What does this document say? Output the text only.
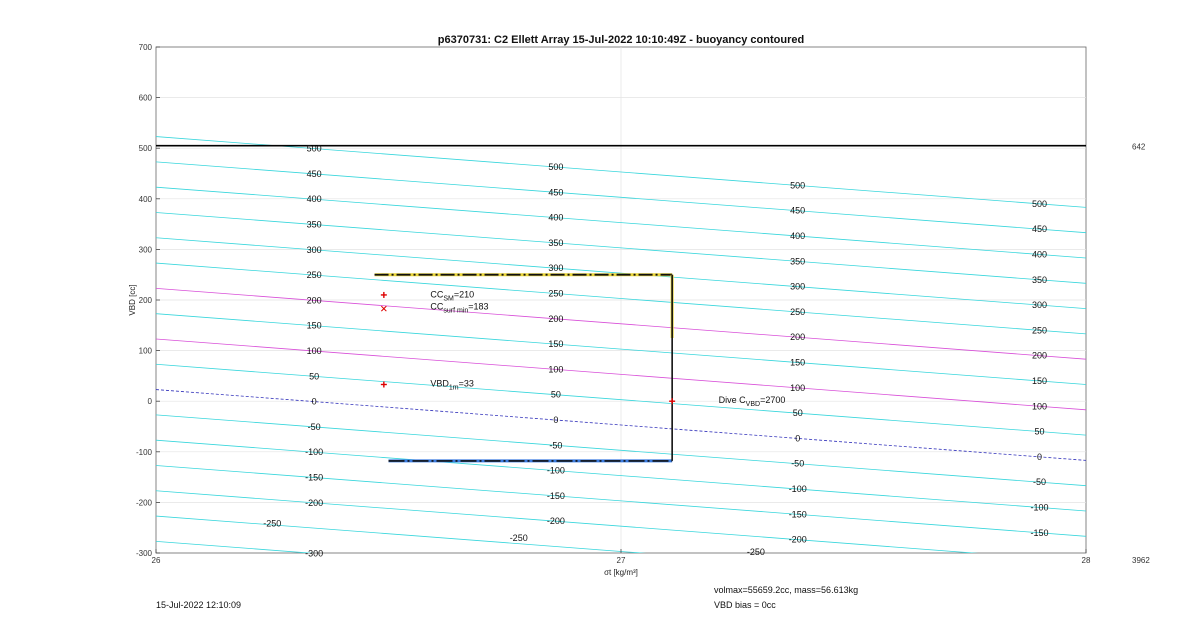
500
450
400
350
300
250
200
150
100
50
0
-50
-100
-150
-200
-300
500
450
400
350
300
250
200
150
100
50
0
-50
-100
-150
-200
500
450
400
350
300
250
200
150
100
50
0
-50
-100
-150
-200
500
450
400
350
300
250
200
150
100
50
0
-50
-100
-150
-250
-250
-250
$CC_{SM}=210$
$CC_{surf min}=183$
$VBD_{1m}=33$
Dive $C_{VBD}=2700$
26	27	28
-300
-200
-100
0
100
200
300
400
500
600
700
642
3962
p6370731: C2 Ellett Array 15-Jul-2022 10:10:49Z - buoyancy contoured
VBD [cc]
σt [kg/m³]
15-Jul-2022 12:10:09
volmax=55659.2cc, mass=56.613kg
VBD bias = 0cc
